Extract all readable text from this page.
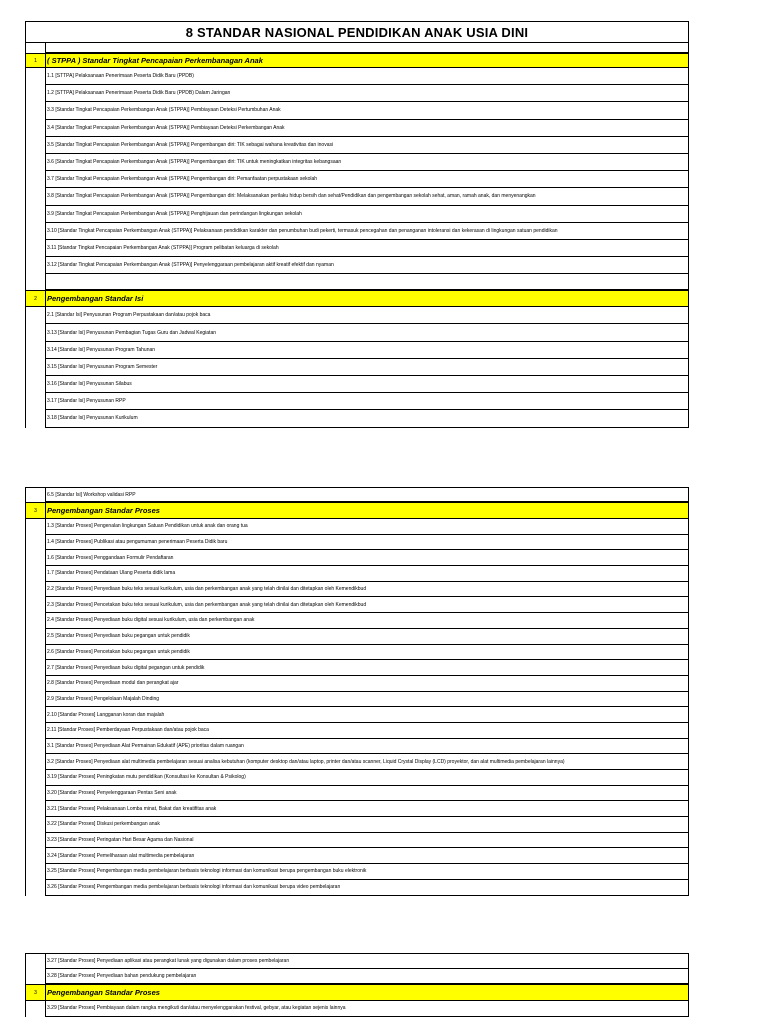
8 STANDAR NASIONAL PENDIDIKAN ANAK USIA DINI
1	( STPPA ) Standar Tingkat Pencapaian Perkembanagan Anak
1.1 [STTPA] Pelaksanaan Penerimaan Peserta Didik Baru (PPDB)
1.2 [STTPA] Pelaksanaan Penerimaan Peserta Didik Baru (PPDB) Dalam Jaringan
3.3 [Standar Tingkat Pencapaian Perkembangan Anak (STPPA)] Pembiayaan Deteksi Pertumbuhan Anak
3.4 [Standar Tingkat Pencapaian Perkembangan Anak (STPPA)] Pembiayaan Deteksi Perkembangan Anak
3.5 [Standar Tingkat Pencapaian Perkembangan Anak (STPPA)] Pengembangan diri: TIK sebagai wahana kreativitas dan inovasi
3.6 [Standar Tingkat Pencapaian Perkembangan Anak (STPPA)] Pengembangan diri: TIK untuk meningkatkan integritas kebangsaan
3.7 [Standar Tingkat Pencapaian Perkembangan Anak (STPPA)] Pengembangan diri: Pemanfaatan perpustakaan sekolah
3.8 [Standar Tingkat Pencapaian Perkembangan Anak (STPPA)] Pengembangan diri: Melaksanakan perilaku hidup bersih dan sehat/Pendidikan dan pengembangan sekolah sehat, aman, ramah anak, dan menyenangkan
3.9 [Standar Tingkat Pencapaian Perkembangan Anak (STPPA)] Penghijauan dan perindangan lingkungan sekolah
3.10 [Standar Tingkat Pencapaian Perkembangan Anak (STPPA)] Pelaksanaan pendidikan karakter dan penumbuhan budi pekerti, termasuk pencegahan dan penanganan intoleransi dan kekerasan di lingkungan satuan pendidikan
3.11 [Standar Tingkat Pencapaian Perkembangan Anak (STPPA)] Program pelibatan keluarga di sekolah
3.12 [Standar Tingkat Pencapaian Perkembangan Anak (STPPA)] Penyelenggaraan pembelajaran aktif kreatif efektif dan nyaman
2	Pengembangan Standar Isi
2.1 [Standar Isi] Penyusunan Program Perpustakaan dan/atau pojok baca
3.13 [Standar Isi] Penyusunan Pembagian Tugas Guru dan Jadwal Kegiatan
3.14 [Standar Isi] Penyusunan Program Tahunan
3.15 [Standar Isi] Penyusunan Program Semester
3.16 [Standar Isi] Penyusunan Silabus
3.17 [Standar Isi] Penyusunan RPP
3.18 [Standar Isi] Penyusunan Kurikulum
6.5 [Standar Isi] Workshop validasi RPP
3	Pengembangan Standar Proses
1.3 [Standar Proses] Pengenalan lingkungan Satuan Pendidikan untuk anak dan orang tua
1.4 [Standar Proses] Publikasi atau pengumuman penerimaan Peserta Didik baru
1.6 [Standar Proses] Penggandaan Formulir Pendaftaran
1.7 [Standar Proses] Pendataan Ulang Peserta didik lama
2.2 [Standar Proses] Penyediaan buku teks sesuai kurikulum, usia dan perkembangan anak yang telah dinilai dan ditetapkan oleh Kemendikbud
2.3 [Standar Proses] Pencetakan buku teks sesuai kurikulum, usia dan perkembangan anak yang telah dinilai dan ditetapkan oleh Kemendikbud
2.4 [Standar Proses] Penyediaan buku digital sesuai kurikulum, usia dan perkembangan anak
2.5 [Standar Proses] Penyediaan buku pegangan untuk pendidik
2.6 [Standar Proses] Pencetakan buku pegangan untuk pendidik
2.7 [Standar Proses] Penyediaan buku digital pegangan untuk pendidik
2.8 [Standar Proses] Penyediaan modul dan perangkat ajar
2.9 [Standar Proses] Pengelolaan Majalah Dinding
2.10 [Standar Proses] Langganan koran dan majalah
2.11 [Standar Proses] Pemberdayaan Perpustakaan dan/atau pojok baca
3.1 [Standar Proses] Penyediaan Alat Permainan Edukatif (APE) prioritas dalam ruangan
3.2 [Standar Proses] Penyediaan alat multimedia pembelajaran sesuai analisa kebutuhan (komputer desktop dan/atau laptop, printer dan/atau scanner, Liquid Crystal Display (LCD) proyektor, dan alat multimedia pembelajaran lainnya)
3.19 [Standar Proses] Peningkatan mutu pendidikan (Konsultasi ke Konsultan & Psikolog)
3.20 [Standar Proses] Penyelenggaraan Pentas Seni anak
3.21 [Standar Proses] Pelaksanaan Lomba minat, Bakat dan kreatifitas anak
3.22 [Standar Proses] Diskusi perkembangan anak
3.23 [Standar Proses] Peringatan Hari Besar Agama dan Nasional
3.24 [Standar Proses] Pemeliharaan alat multimedia pembelajaran
3.25 [Standar Proses] Pengembangan media pembelajaran berbasis teknologi informasi dan komunikasi berupa pengembangan buku elektronik
3.26 [Standar Proses] Pengembangan media pembelajaran berbasis teknologi informasi dan komunikasi berupa video pembelajaran
3.27 [Standar Proses] Penyediaan aplikasi atau perangkat lunak yang digunakan dalam proses pembelajaran
3.28 [Standar Proses] Penyediaan bahan pendukung pembelajaran
3	Pengembangan Standar Proses
3.29 [Standar Proses] Pembiayaan dalam rangka mengikuti dan/atau menyelenggarakan festival, gebyar, atau kegiatan sejenis lainnya
